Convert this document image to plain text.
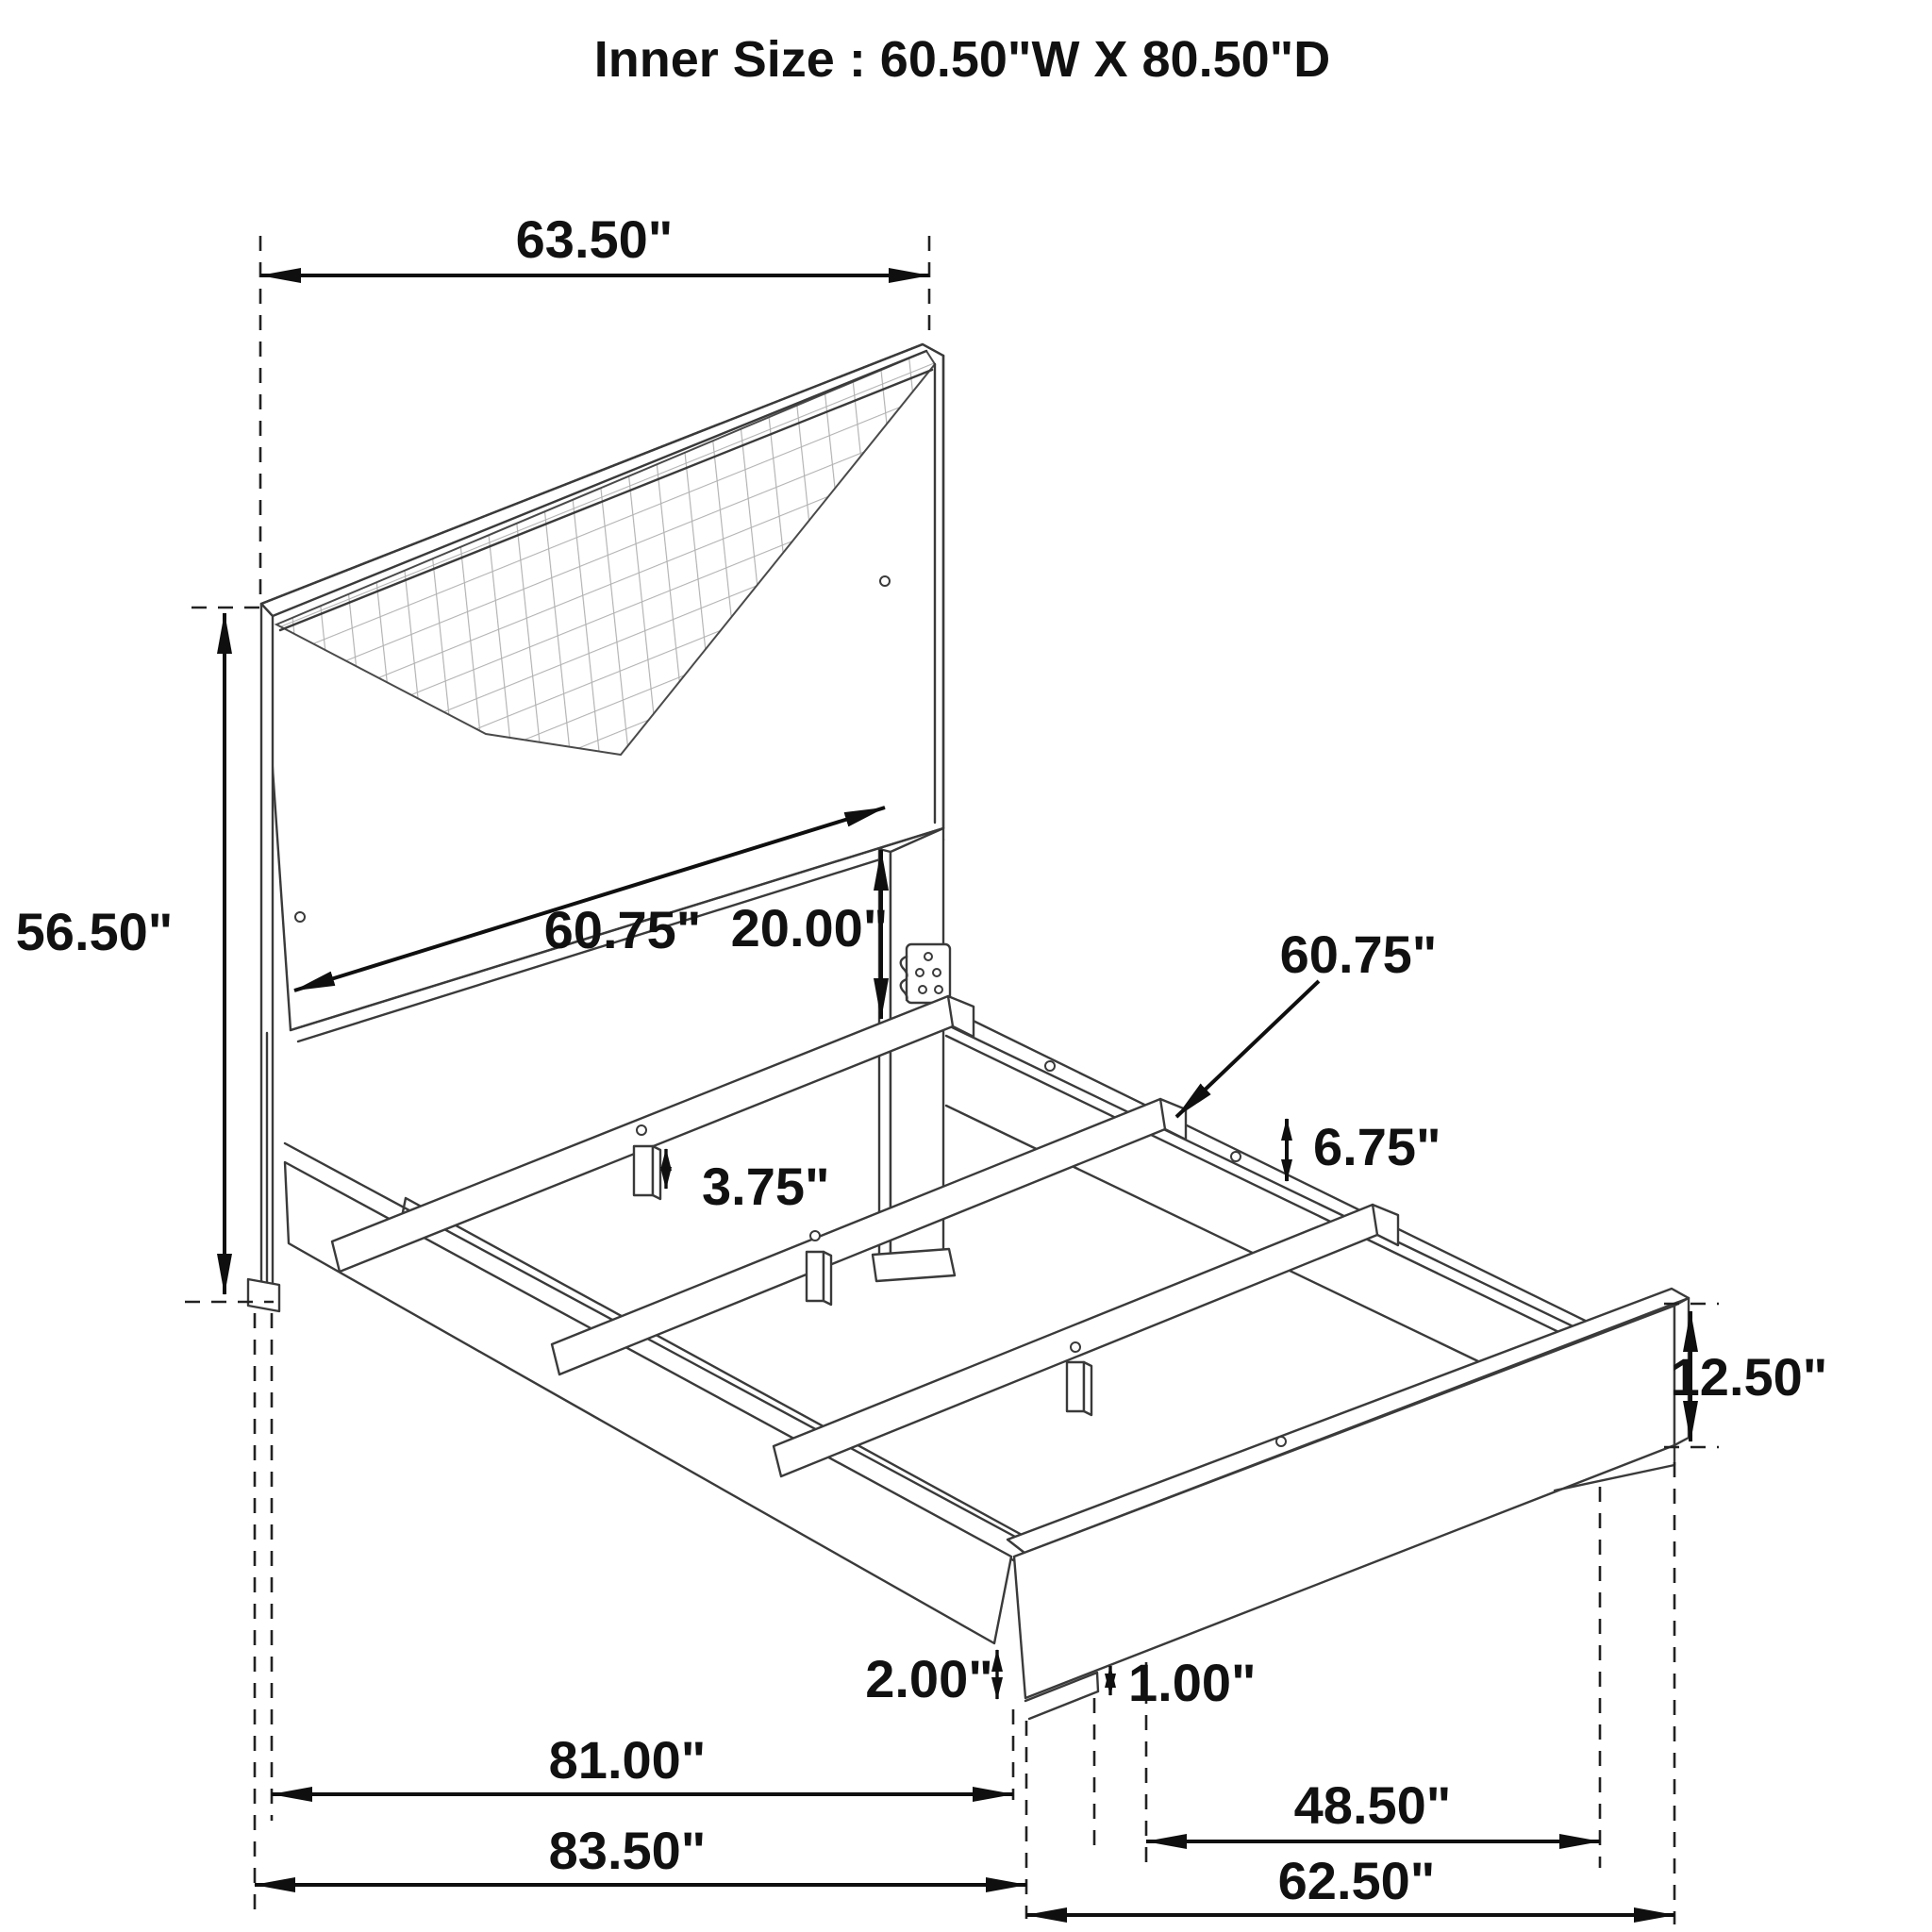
Inner Size : 60.50"W X 80.50"D
63.50"
56.50"	60.75" 20.00"	60.75"
6.75"
3.75"
12.50"
2.00"	1.00"
81.00"
83.50"
48.50"
62.50"
